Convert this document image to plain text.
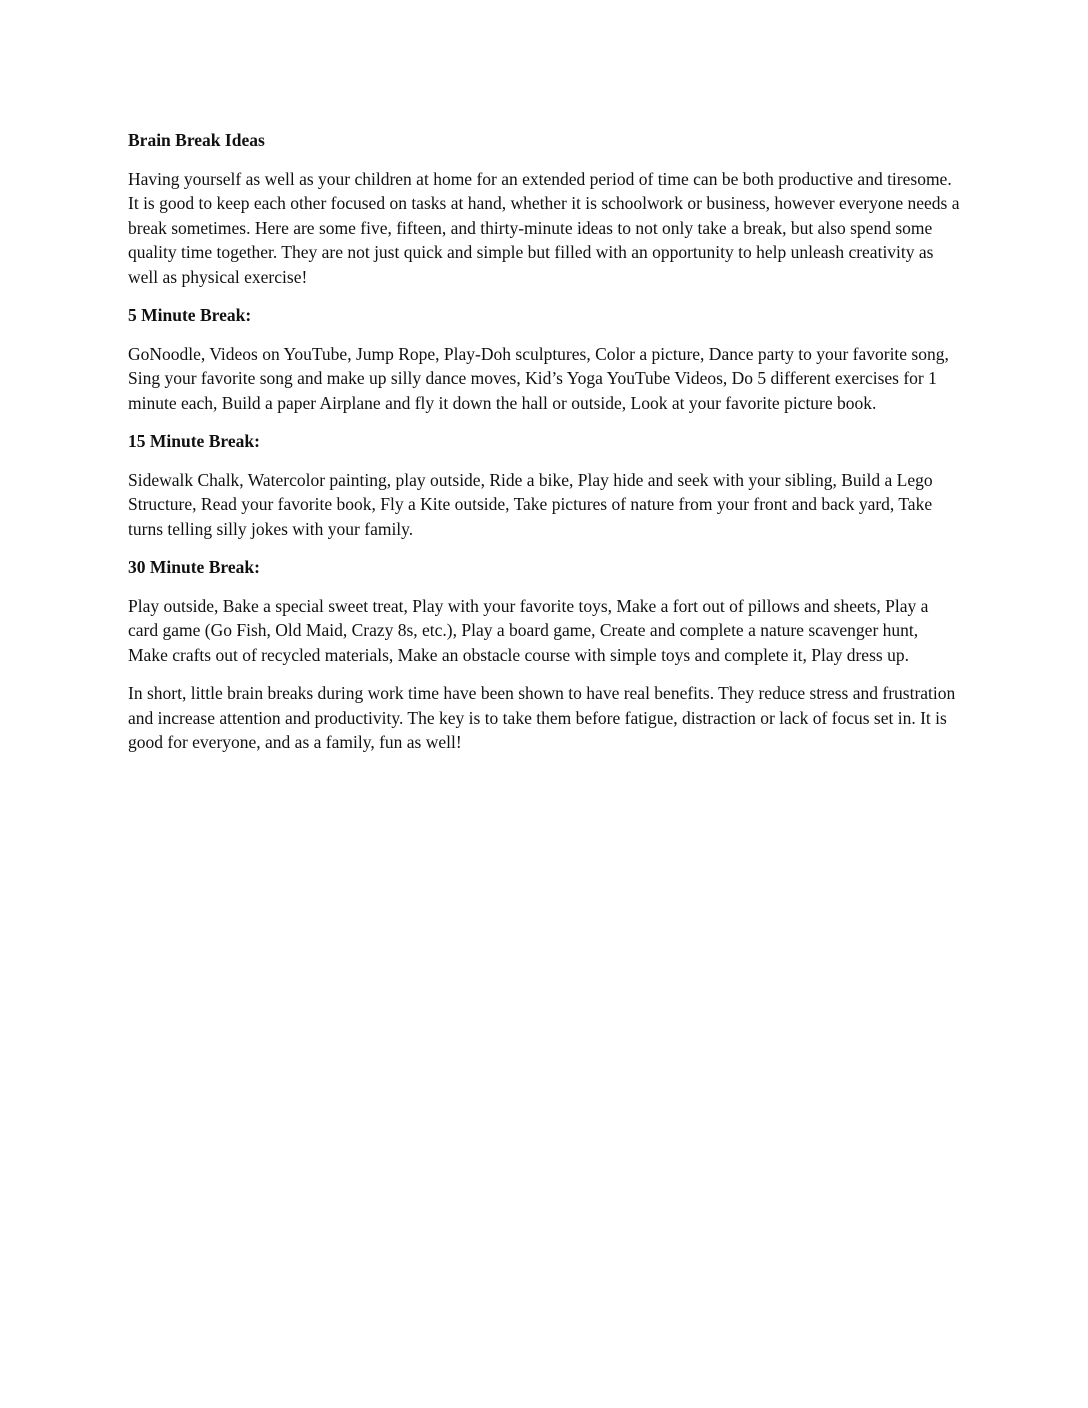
Brain Break Ideas

Having yourself as well as your children at home for an extended period of time can be both productive and tiresome. It is good to keep each other focused on tasks at hand, whether it is schoolwork or business, however everyone needs a break sometimes. Here are some five, fifteen, and thirty-minute ideas to not only take a break, but also spend some quality time together. They are not just quick and simple but filled with an opportunity to help unleash creativity as well as physical exercise!

5 Minute Break:

GoNoodle, Videos on YouTube, Jump Rope, Play-Doh sculptures, Color a picture, Dance party to your favorite song, Sing your favorite song and make up silly dance moves, Kid’s Yoga YouTube Videos, Do 5 different exercises for 1 minute each, Build a paper Airplane and fly it down the hall or outside, Look at your favorite picture book.

15 Minute Break:

Sidewalk Chalk, Watercolor painting, play outside, Ride a bike, Play hide and seek with your sibling, Build a Lego Structure, Read your favorite book, Fly a Kite outside, Take pictures of nature from your front and back yard, Take turns telling silly jokes with your family.

30 Minute Break:

Play outside, Bake a special sweet treat, Play with your favorite toys, Make a fort out of pillows and sheets, Play a card game (Go Fish, Old Maid, Crazy 8s, etc.), Play a board game, Create and complete a nature scavenger hunt, Make crafts out of recycled materials, Make an obstacle course with simple toys and complete it, Play dress up.

In short, little brain breaks during work time have been shown to have real benefits. They reduce stress and frustration and increase attention and productivity. The key is to take them before fatigue, distraction or lack of focus set in. It is good for everyone, and as a family, fun as well!
